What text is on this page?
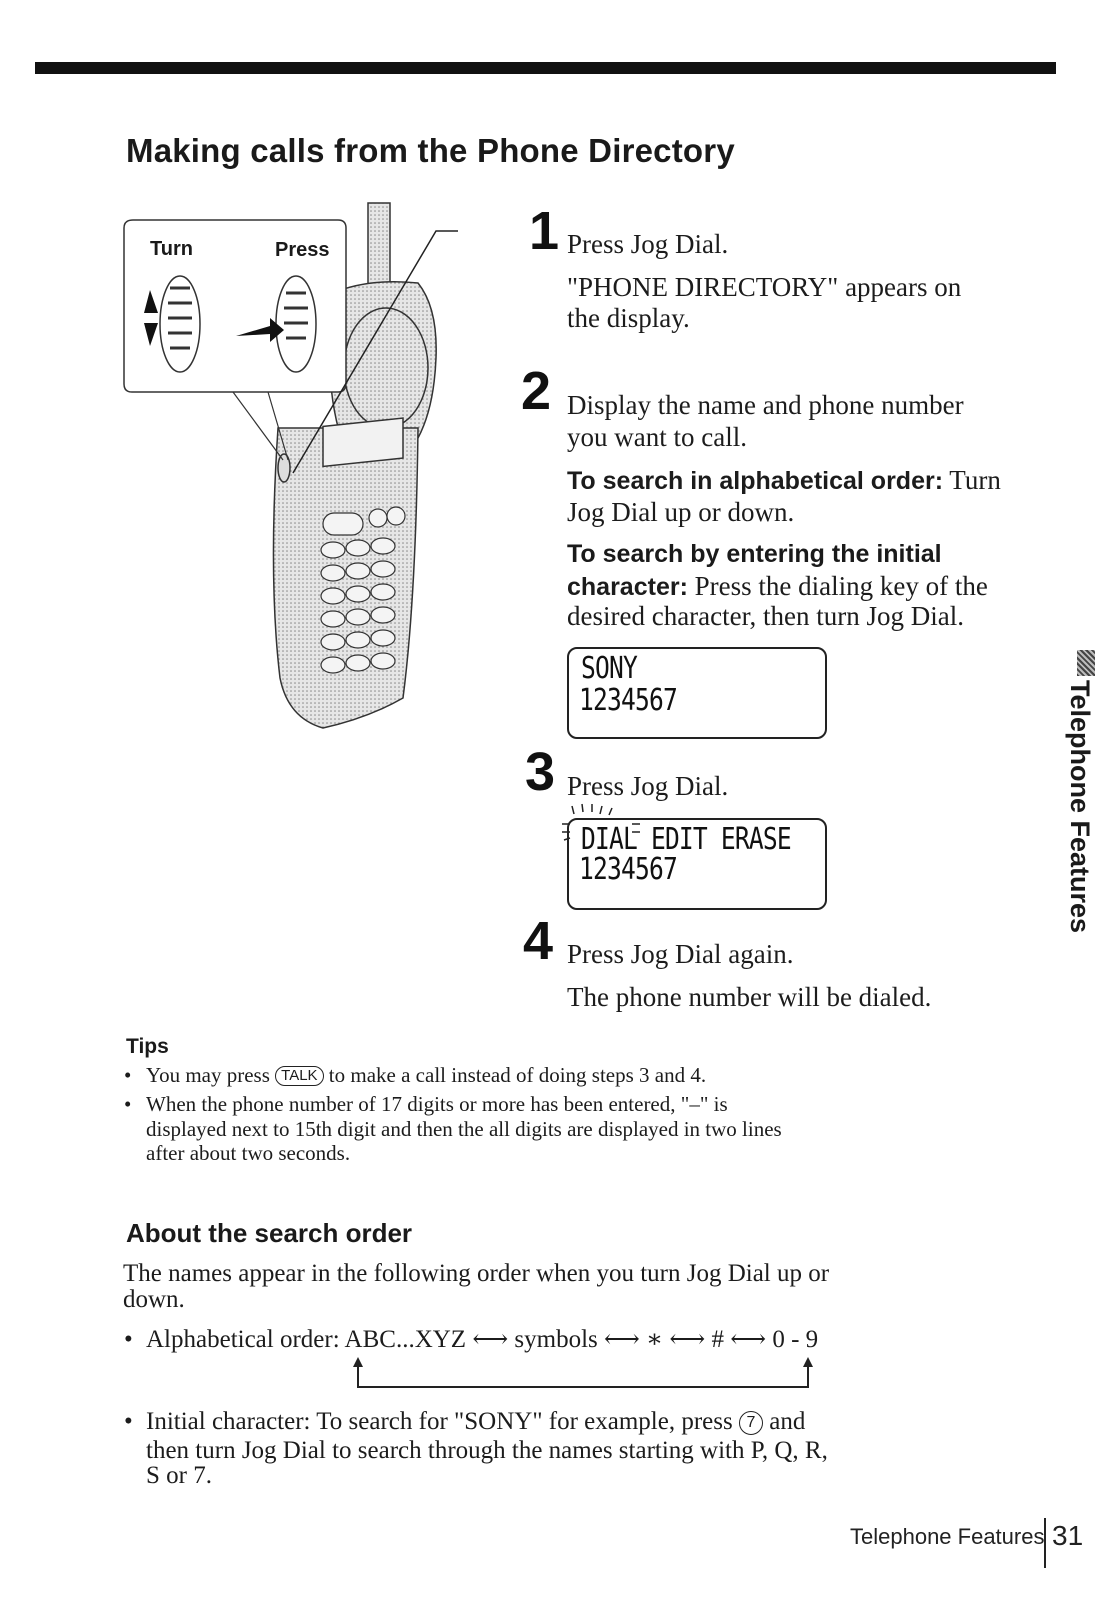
Making calls from the Phone Directory
Turn	Press	1 Press Jog Dial.
"PHONE DIRECTORY" appears on
the display.
2 Display the name and phone number
you want to call.
To search in alphabetical order: Turn
Jog Dial up or down.
To search by entering the initial
character: Press the dialing key of the
desired character, then turn Jog Dial.
SONY
1234567
3 Press Jog Dial.
DIAL EDIT ERASE
1234567
4 Press Jog Dial again.
The phone number will be dialed.
Telephone Features
Tips
• You may press TALK to make a call instead of doing steps 3 and 4.
• When the phone number of 17 digits or more has been entered, "–" is
displayed next to 15th digit and then the all digits are displayed in two lines
after about two seconds.
About the search order
The names appear in the following order when you turn Jog Dial up or
down.
• Alphabetical order: ABC...XYZ ⟷ symbols ⟷ ∗ ⟷ # ⟷ 0 - 9
• Initial character: To search for "SONY" for example, press 7 and
then turn Jog Dial to search through the names starting with P, Q, R,
S or 7.
Telephone Features 31
